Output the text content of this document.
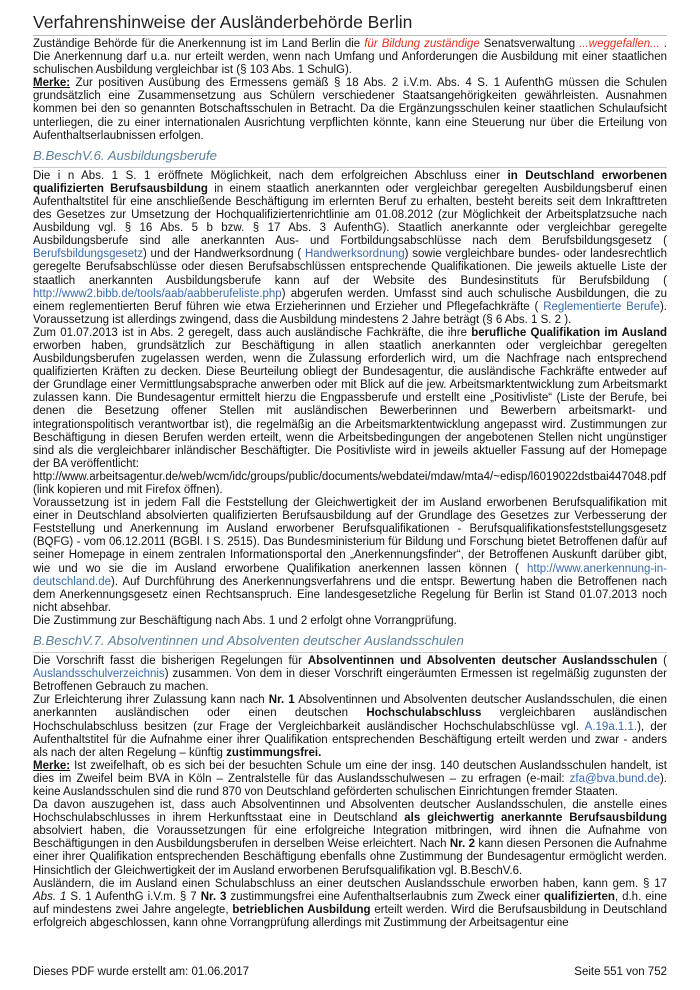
Verfahrenshinweise der Ausländerbehörde Berlin

Zuständige Behörde für die Anerkennung ist im Land Berlin die für Bildung zuständige Senatsverwaltung ...weggefallen... . Die Anerkennung darf u.a. nur erteilt werden, wenn nach Umfang und Anforderungen die Ausbildung mit einer staatlichen schulischen Ausbildung vergleichbar ist (§ 103 Abs. 1 SchulG).

Merke: Zur positiven Ausübung des Ermessens gemäß § 18 Abs. 2 i.V.m. Abs. 4 S. 1 AufenthG müssen die Schulen grundsätzlich eine Zusammensetzung aus Schülern verschiedener Staatsangehörigkeiten gewährleisten. Ausnahmen kommen bei den so genannten Botschaftsschulen in Betracht. Da die Ergänzungsschulen keiner staatlichen Schulaufsicht unterliegen, die zu einer internationalen Ausrichtung verpflichten könnte, kann eine Steuerung nur über die Erteilung von Aufenthaltserlaubnissen erfolgen.

B.BeschV.6. Ausbildungsberufe

Die i n Abs. 1 S. 1 eröffnete Möglichkeit, nach dem erfolgreichen Abschluss einer in Deutschland erworbenen qualifizierten Berufsausbildung in einem staatlich anerkannten oder vergleichbar geregelten Ausbildungsberuf einen Aufenthaltstitel für eine anschließende Beschäftigung im erlernten Beruf zu erhalten, besteht bereits seit dem Inkrafttreten des Gesetzes zur Umsetzung der Hochqualifiziertenrichtlinie am 01.08.2012 (zur Möglichkeit der Arbeitsplatzsuche nach Ausbildung vgl. § 16 Abs. 5 b bzw. § 17 Abs. 3 AufenthG). Staatlich anerkannte oder vergleichbar geregelte Ausbildungsberufe sind alle anerkannten Aus- und Fortbildungsabschlüsse nach dem Berufsbildungsgesetz ( Berufsbildungsgesetz) und der Handwerksordnung ( Handwerksordnung) sowie vergleichbare bundes- oder landesrechtlich geregelte Berufsabschlüsse oder diesen Berufsabschlüssen entsprechende Qualifikationen. Die jeweils aktuelle Liste der staatlich anerkannten Ausbildungsberufe kann auf der Website des Bundesinstituts für Berufsbildung ( http://www2.bibb.de/tools/aab/aabberufeliste.php) abgerufen werden. Umfasst sind auch schulische Ausbildungen, die zu einem reglementierten Beruf führen wie etwa Erzieherinnen und Erzieher und Pflegefachkräfte ( Reglementierte Berufe). Voraussetzung ist allerdings zwingend, dass die Ausbildung mindestens 2 Jahre beträgt (§ 6 Abs. 1 S. 2 ).

Zum 01.07.2013 ist in Abs. 2 geregelt, dass auch ausländische Fachkräfte, die ihre berufliche Qualifikation im Ausland erworben haben, grundsätzlich zur Beschäftigung in allen staatlich anerkannten oder vergleichbar geregelten Ausbildungsberufen zugelassen werden, wenn die Zulassung erforderlich wird, um die Nachfrage nach entsprechend qualifizierten Kräften zu decken. Diese Beurteilung obliegt der Bundesagentur, die ausländische Fachkräfte entweder auf der Grundlage einer Vermittlungsabsprache anwerben oder mit Blick auf die jew. Arbeitsmarktentwicklung zum Arbeitsmarkt zulassen kann. Die Bundesagentur ermittelt hierzu die Engpassberufe und erstellt eine „Positivliste“ (Liste der Berufe, bei denen die Besetzung offener Stellen mit ausländischen Bewerberinnen und Bewerbern arbeitsmarkt- und integrationspolitisch verantwortbar ist), die regelmäßig an die Arbeitsmarktentwicklung angepasst wird. Zustimmungen zur Beschäftigung in diesen Berufen werden erteilt, wenn die Arbeitsbedingungen der angebotenen Stellen nicht ungünstiger sind als die vergleichbarer inländischer Beschäftigter. Die Positivliste wird in jeweils aktueller Fassung auf der Homepage der BA veröffentlicht:

http://www.arbeitsagentur.de/web/wcm/idc/groups/public/documents/webdatei/mdaw/mta4/~edisp/l6019022dstbai447048.pdf

(link kopieren und mit Firefox öffnen).

Voraussetzung ist in jedem Fall die Feststellung der Gleichwertigkeit der im Ausland erworbenen Berufsqualifikation mit einer in Deutschland absolvierten qualifizierten Berufsausbildung auf der Grundlage des Gesetzes zur Verbesserung der Feststellung und Anerkennung im Ausland erworbener Berufsqualifikationen - Berufsqualifikationsfeststellungsgesetz (BQFG) - vom 06.12.2011 (BGBl. I S. 2515). Das Bundesministerium für Bildung und Forschung bietet Betroffenen dafür auf seiner Homepage in einem zentralen Informationsportal den „Anerkennungsfinder“, der Betroffenen Auskunft darüber gibt, wie und wo sie die im Ausland erworbene Qualifikation anerkennen lassen können ( http://www.anerkennung-in-deutschland.de). Auf Durchführung des Anerkennungsverfahrens und die entspr. Bewertung haben die Betroffenen nach dem Anerkennungsgesetz einen Rechtsanspruch. Eine landesgesetzliche Regelung für Berlin ist Stand 01.07.2013 noch nicht absehbar.

Die Zustimmung zur Beschäftigung nach Abs. 1 und 2 erfolgt ohne Vorrangprüfung.

B.BeschV.7. Absolventinnen und Absolventen deutscher Auslandsschulen

Die Vorschrift fasst die bisherigen Regelungen für Absolventinnen und Absolventen deutscher Auslandsschulen ( Auslandsschulverzeichnis) zusammen. Von dem in dieser Vorschrift eingeräumten Ermessen ist regelmäßig zugunsten der Betroffenen Gebrauch zu machen.

Zur Erleichterung ihrer Zulassung kann nach Nr. 1 Absolventinnen und Absolventen deutscher Auslandsschulen, die einen anerkannten ausländischen oder einen deutschen Hochschulabschluss vergleichbaren ausländischen Hochschulabschluss besitzen (zur Frage der Vergleichbarkeit ausländischer Hochschulabschlüsse vgl. A.19a.1.1.), der Aufenthaltstitel für die Aufnahme einer ihrer Qualifikation entsprechenden Beschäftigung erteilt werden und zwar - anders als nach der alten Regelung – künftig zustimmungsfrei.

Merke: Ist zweifelhaft, ob es sich bei der besuchten Schule um eine der insg. 140 deutschen Auslandsschulen handelt, ist dies im Zweifel beim BVA in Köln – Zentralstelle für das Auslandsschulwesen – zu erfragen (e-mail: zfa@bva.bund.de). keine Auslandsschulen sind die rund 870 von Deutschland geförderten schulischen Einrichtungen fremder Staaten.

Da davon auszugehen ist, dass auch Absolventinnen und Absolventen deutscher Auslandsschulen, die anstelle eines Hochschulabschlusses in ihrem Herkunftsstaat eine in Deutschland als gleichwertig anerkannte Berufsausbildung absolviert haben, die Voraussetzungen für eine erfolgreiche Integration mitbringen, wird ihnen die Aufnahme von Beschäftigungen in den Ausbildungsberufen in derselben Weise erleichtert. Nach Nr. 2 kann diesen Personen die Aufnahme einer ihrer Qualifikation entsprechenden Beschäftigung ebenfalls ohne Zustimmung der Bundesagentur ermöglicht werden. Hinsichtlich der Gleichwertigkeit der im Ausland erworbenen Berufsqualifikation vgl. B.BeschV.6.

Ausländern, die im Ausland einen Schulabschluss an einer deutschen Auslandsschule erworben haben, kann gem. § 17 Abs. 1 S. 1 AufenthG i.V.m. § 7 Nr. 3 zustimmungsfrei eine Aufenthaltserlaubnis zum Zweck einer qualifizierten, d.h. eine auf mindestens zwei Jahre angelegte, betrieblichen Ausbildung erteilt werden. Wird die Berufsausbildung in Deutschland erfolgreich abgeschlossen, kann ohne Vorrangprüfung allerdings mit Zustimmung der Arbeitsagentur eine

Dieses PDF wurde erstellt am: 01.06.2017	Seite 551 von 752
